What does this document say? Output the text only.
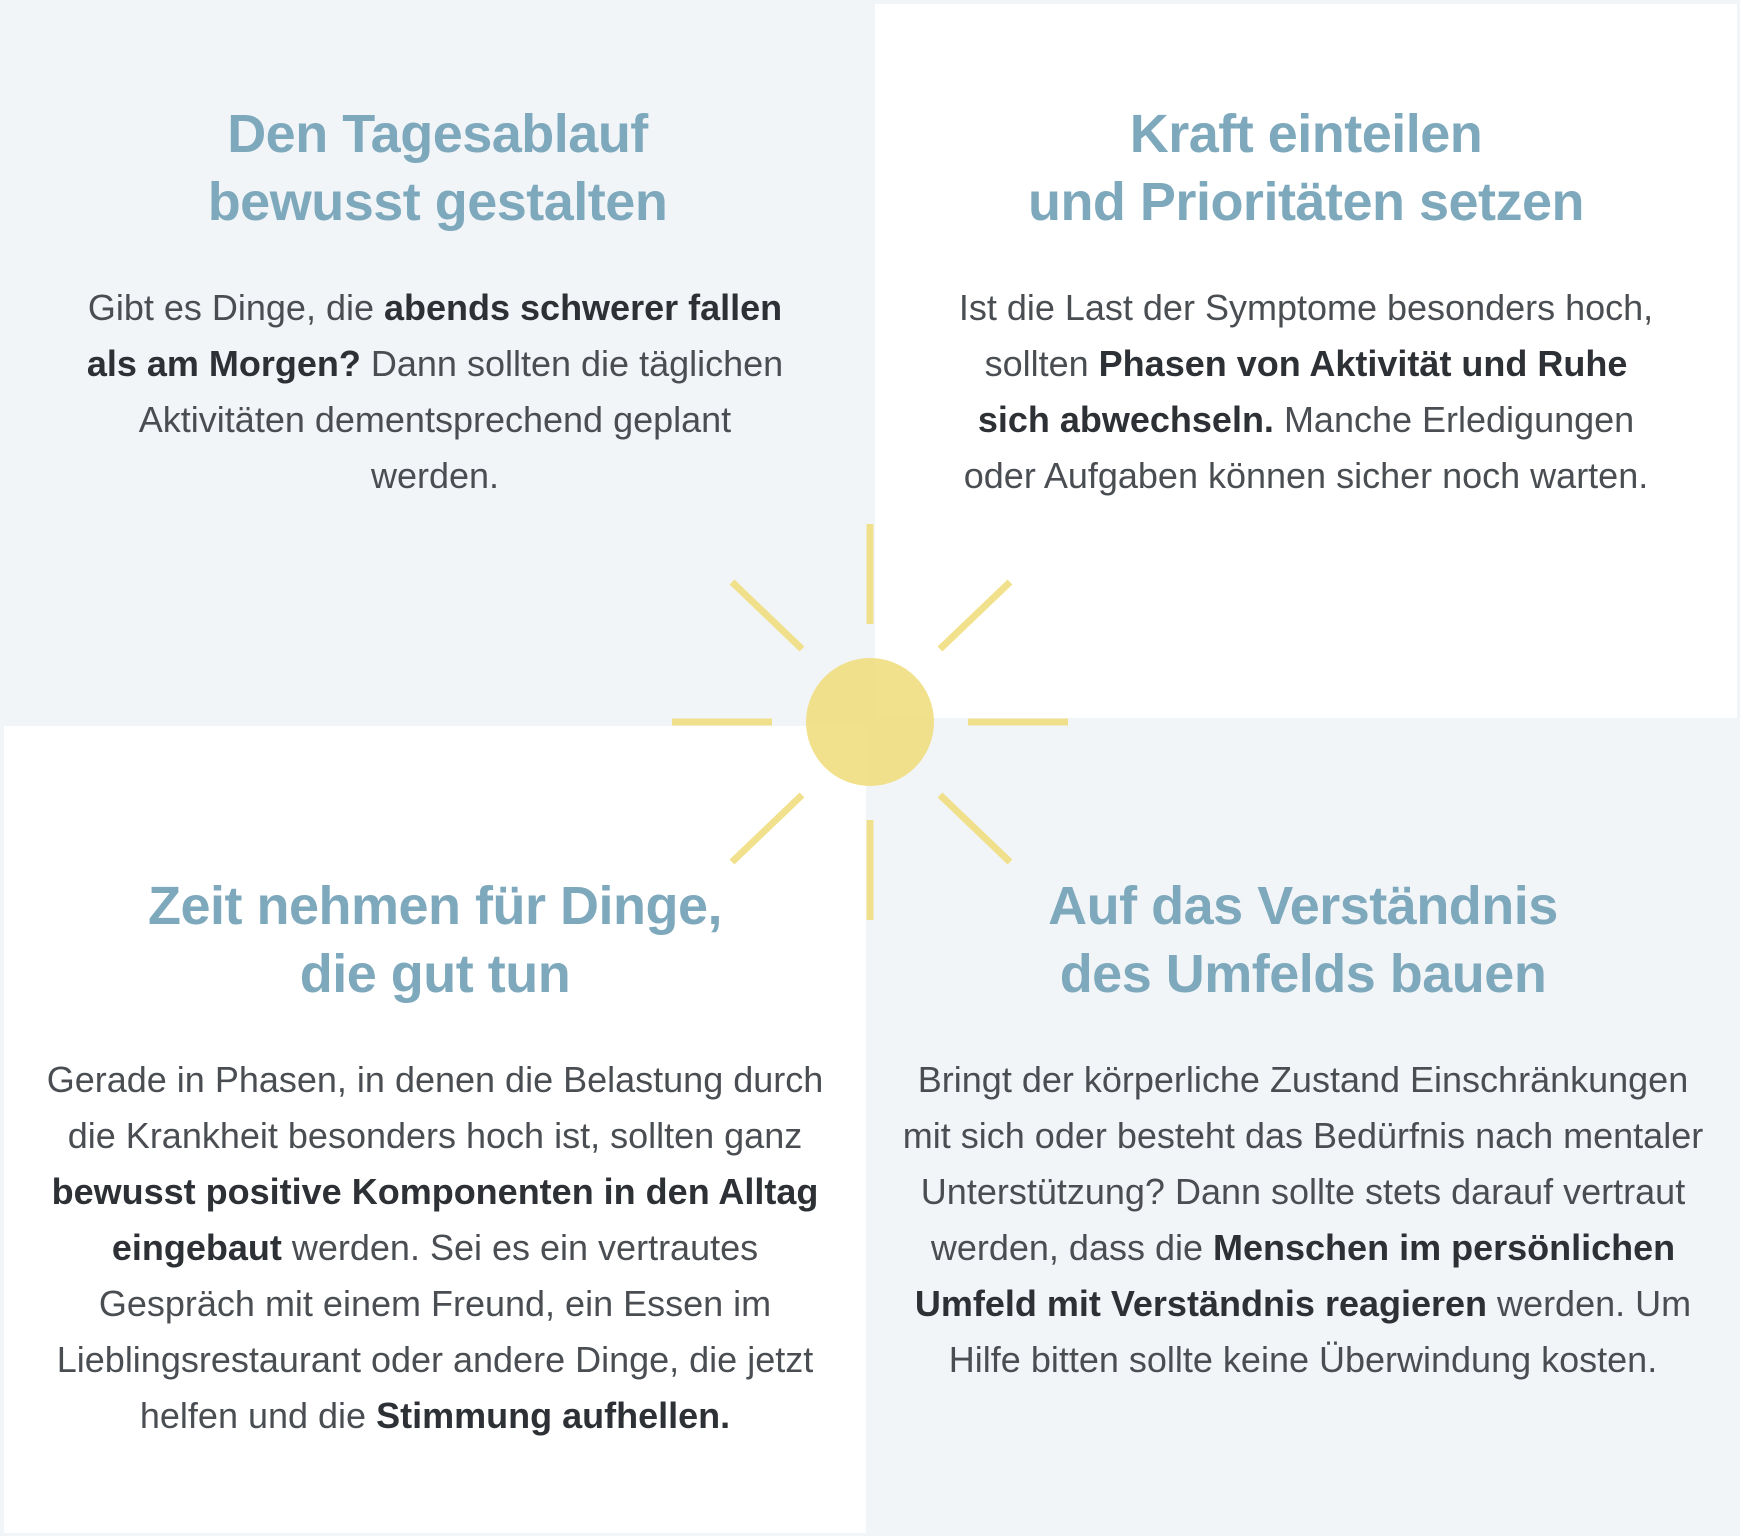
Den Tagesablauf
bewusst gestalten

Gibt es Dinge, die abends schwerer fallen als am Morgen? Dann sollten die täglichen Aktivitäten dementsprechend geplant werden.

Kraft einteilen
und Prioritäten setzen

Ist die Last der Symptome besonders hoch, sollten Phasen von Aktivität und Ruhe sich abwechseln. Manche Erledigungen oder Aufgaben können sicher noch warten.

Zeit nehmen für Dinge,
die gut tun

Gerade in Phasen, in denen die Belastung durch die Krankheit besonders hoch ist, sollten ganz bewusst positive Komponenten in den Alltag eingebaut werden. Sei es ein vertrautes Gespräch mit einem Freund, ein Essen im Lieblingsrestaurant oder andere Dinge, die jetzt helfen und die Stimmung aufhellen.

Auf das Verständnis
des Umfelds bauen

Bringt der körperliche Zustand Einschränkungen mit sich oder besteht das Bedürfnis nach mentaler Unterstützung? Dann sollte stets darauf vertraut werden, dass die Menschen im persönlichen Umfeld mit Verständnis reagieren werden. Um Hilfe bitten sollte keine Überwindung kosten.
